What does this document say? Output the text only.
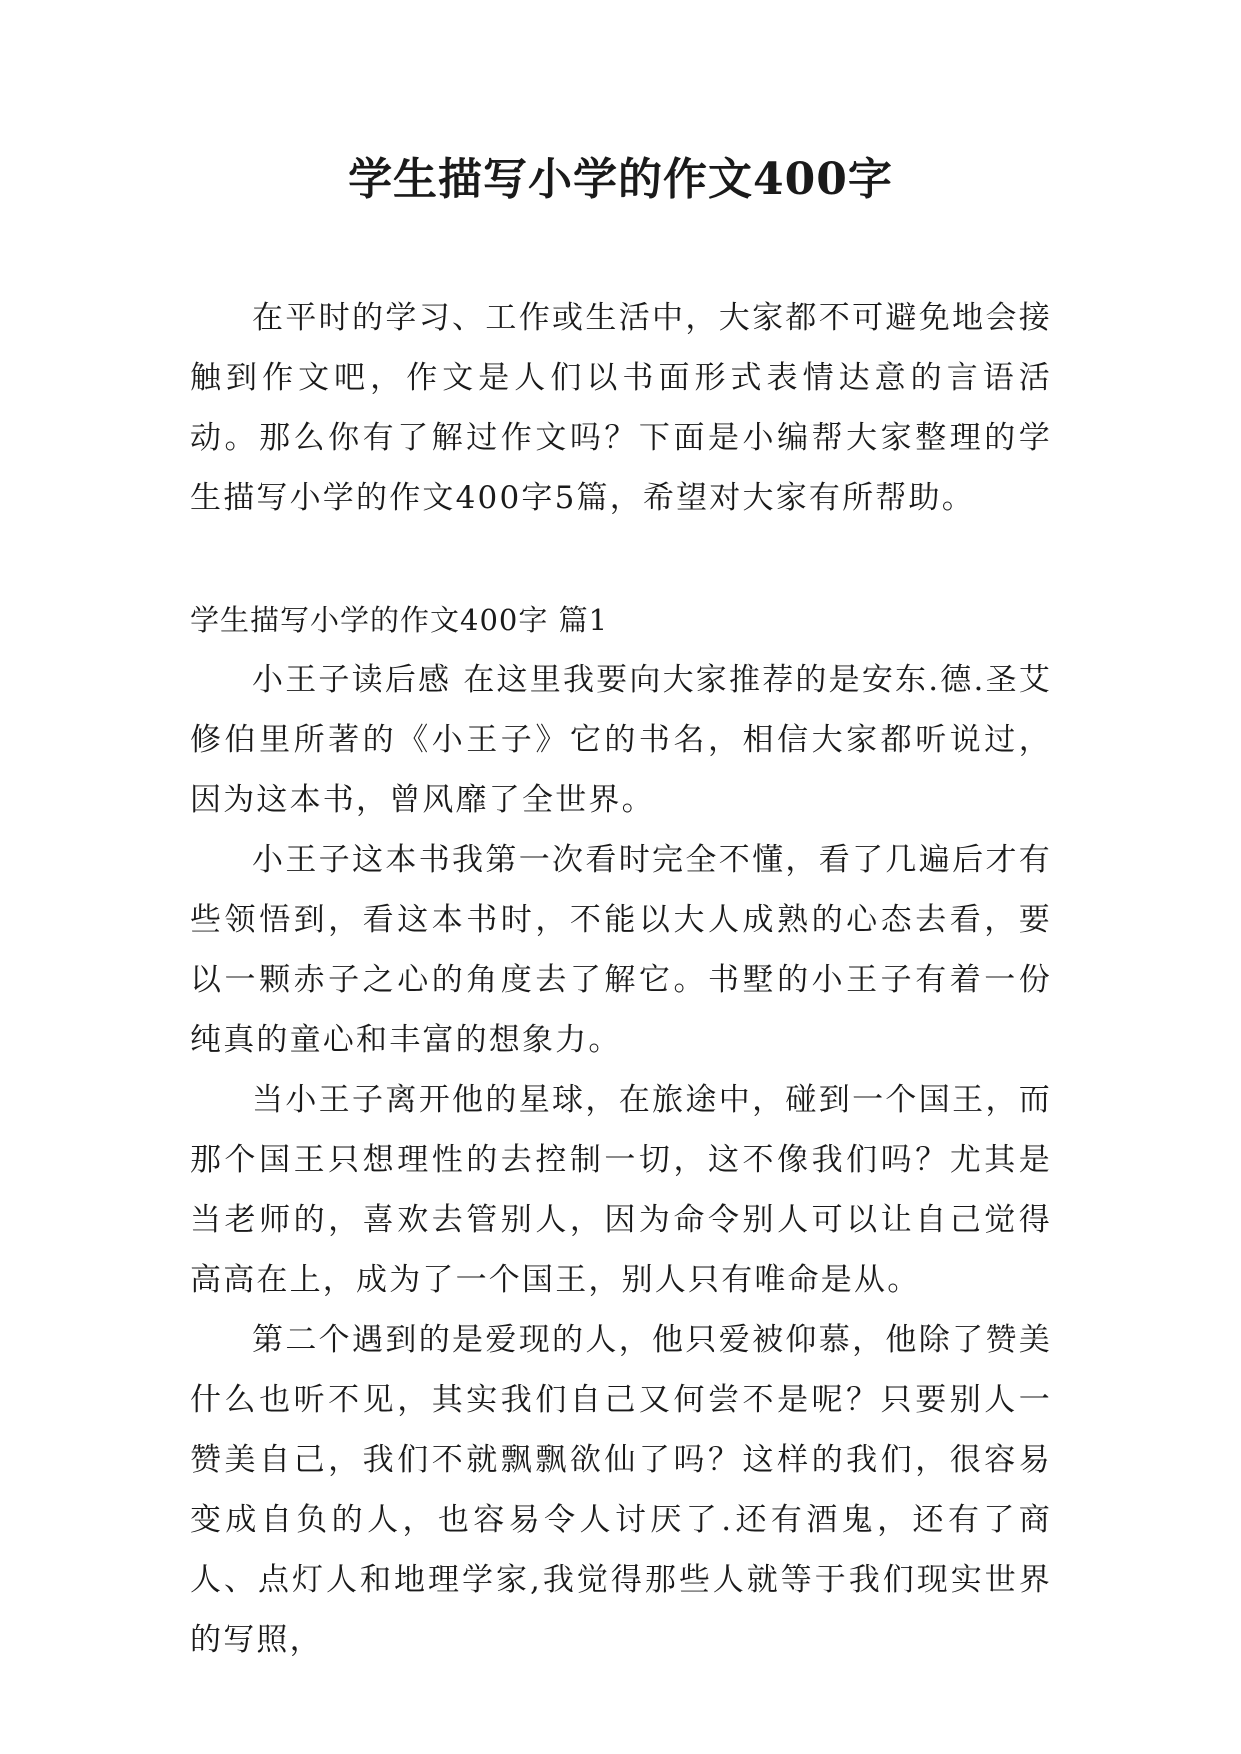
学生描写小学的作文400字

在平时的学习、工作或生活中，大家都不可避免地会接触到作文吧，作文是人们以书面形式表情达意的言语活动。那么你有了解过作文吗？下面是小编帮大家整理的学生描写小学的作文400字5篇，希望对大家有所帮助。

学生描写小学的作文400字 篇1

小王子读后感 在这里我要向大家推荐的是安东.德.圣艾修伯里所著的《小王子》它的书名，相信大家都听说过，因为这本书，曾风靡了全世界。

小王子这本书我第一次看时完全不懂，看了几遍后才有些领悟到，看这本书时，不能以大人成熟的心态去看，要以一颗赤子之心的角度去了解它。书墅的小王子有着一份纯真的童心和丰富的想象力。

当小王子离开他的星球，在旅途中，碰到一个国王，而那个国王只想理性的去控制一切，这不像我们吗？尤其是当老师的，喜欢去管别人，因为命令别人可以让自己觉得高高在上，成为了一个国王，别人只有唯命是从。

第二个遇到的是爱现的人，他只爱被仰慕，他除了赞美什么也听不见，其实我们自己又何尝不是呢？只要别人一赞美自己，我们不就飘飘欲仙了吗？这样的我们，很容易变成自负的人，也容易令人讨厌了.还有酒鬼，还有了商人、点灯人和地理学家,我觉得那些人就等于我们现实世界的写照，
